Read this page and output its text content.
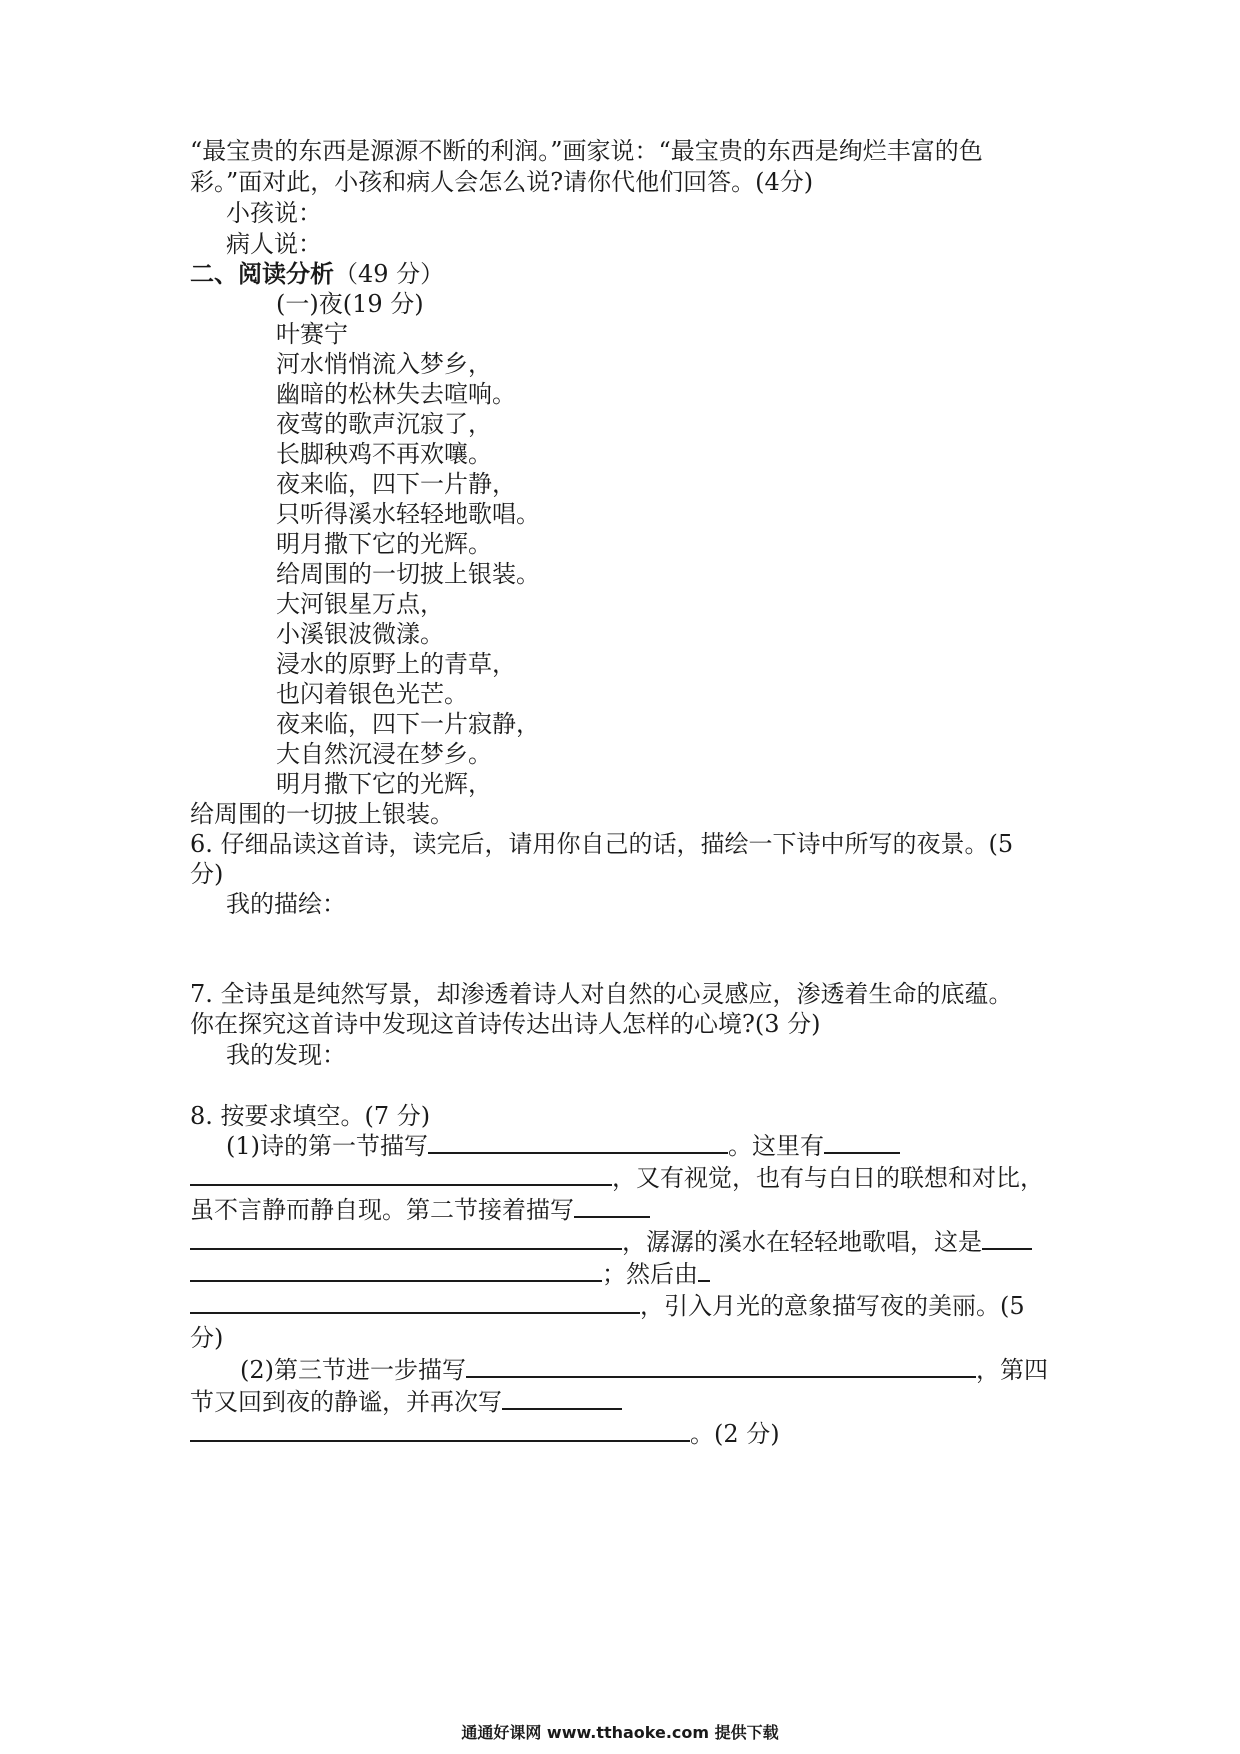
“最宝贵的东西是源源不断的利润。”画家说：“最宝贵的东西是绚烂丰富的色
彩。”面对此，小孩和病人会怎么说?请你代他们回答。(4分)
小孩说：
病人说：
二、阅读分析（49 分）
(一)夜(19 分)
叶赛宁
河水悄悄流入梦乡，
幽暗的松林失去喧响。
夜莺的歌声沉寂了，
长脚秧鸡不再欢嚷。
夜来临，四下一片静，
只听得溪水轻轻地歌唱。
明月撒下它的光辉。
给周围的一切披上银装。
大河银星万点，
小溪银波微漾。
浸水的原野上的青草，
也闪着银色光芒。
夜来临，四下一片寂静，
大自然沉浸在梦乡。
明月撒下它的光辉，
给周围的一切披上银装。
6. 仔细品读这首诗，读完后，请用你自己的话，描绘一下诗中所写的夜景。(5
分)
我的描绘：
7. 全诗虽是纯然写景，却渗透着诗人对自然的心灵感应，渗透着生命的底蕴。
你在探究这首诗中发现这首诗传达出诗人怎样的心境?(3 分)
我的发现：
8. 按要求填空。(7 分)
(1)诗的第一节描写	。这里有
，又有视觉，也有与白日的联想和对比，
虽不言静而静自现。第二节接着描写
，潺潺的溪水在轻轻地歌唱，这是
；然后由
，引入月光的意象描写夜的美丽。(5
分)
(2)第三节进一步描写	，第四
节又回到夜的静谧，并再次写
。(2 分)
通通好课网 www.tthaoke.com 提供下载
